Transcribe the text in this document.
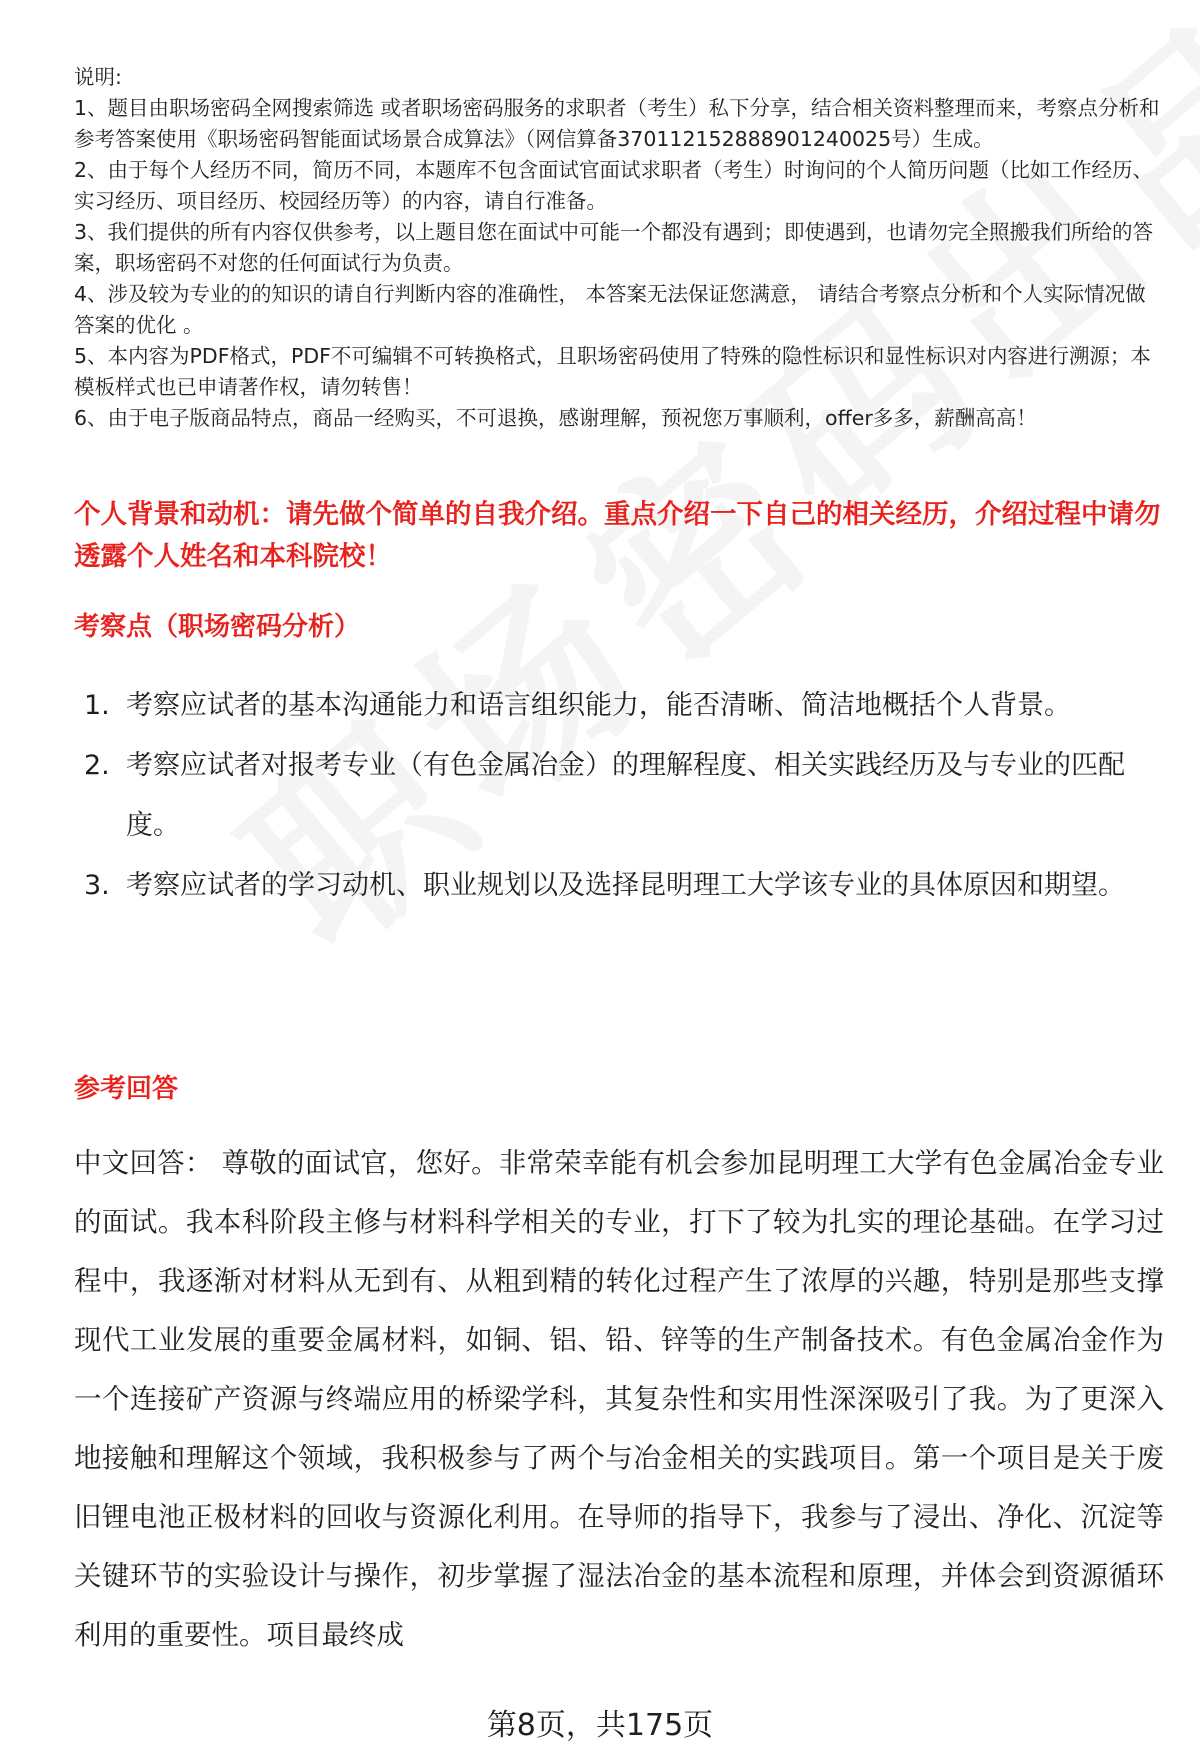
说明:

1、题目由职场密码全网搜索筛选 或者职场密码服务的求职者（考生）私下分享，结合相关资料整理而来，考察点分析和参考答案使用《职场密码智能面试场景合成算法》（网信算备370112152888901240025号）生成。

2、由于每个人经历不同，简历不同，本题库不包含面试官面试求职者（考生）时询问的个人简历问题（比如工作经历、实习经历、项目经历、校园经历等）的内容，请自行准备。

3、我们提供的所有内容仅供参考，以上题目您在面试中可能一个都没有遇到；即使遇到，也请勿完全照搬我们所给的答案，职场密码不对您的任何面试行为负责。

4、涉及较为专业的的知识的请自行判断内容的准确性， 本答案无法保证您满意， 请结合考察点分析和个人实际情况做答案的优化 。

5、本内容为PDF格式，PDF不可编辑不可转换格式，且职场密码使用了特殊的隐性标识和显性标识对内容进行溯源；本模板样式也已申请著作权，请勿转售！

6、由于电子版商品特点，商品一经购买，不可退换，感谢理解，预祝您万事顺利，offer多多，薪酬高高！

个人背景和动机：请先做个简单的自我介绍。重点介绍一下自己的相关经历，介绍过程中请勿透露个人姓名和本科院校！

考察点（职场密码分析）

1. 考察应试者的基本沟通能力和语言组织能力，能否清晰、简洁地概括个人背景。
2. 考察应试者对报考专业（有色金属冶金）的理解程度、相关实践经历及与专业的匹配度。
3. 考察应试者的学习动机、职业规划以及选择昆明理工大学该专业的具体原因和期望。

参考回答

中文回答： 尊敬的面试官，您好。非常荣幸能有机会参加昆明理工大学有色金属冶金专业的面试。我本科阶段主修与材料科学相关的专业，打下了较为扎实的理论基础。在学习过程中，我逐渐对材料从无到有、从粗到精的转化过程产生了浓厚的兴趣，特别是那些支撑现代工业发展的重要金属材料，如铜、铝、铅、锌等的生产制备技术。有色金属冶金作为一个连接矿产资源与终端应用的桥梁学科，其复杂性和实用性深深吸引了我。为了更深入地接触和理解这个领域，我积极参与了两个与冶金相关的实践项目。第一个项目是关于废旧锂电池正极材料的回收与资源化利用。在导师的指导下，我参与了浸出、净化、沉淀等关键环节的实验设计与操作，初步掌握了湿法冶金的基本流程和原理，并体会到资源循环利用的重要性。项目最终成

第8页，共175页
